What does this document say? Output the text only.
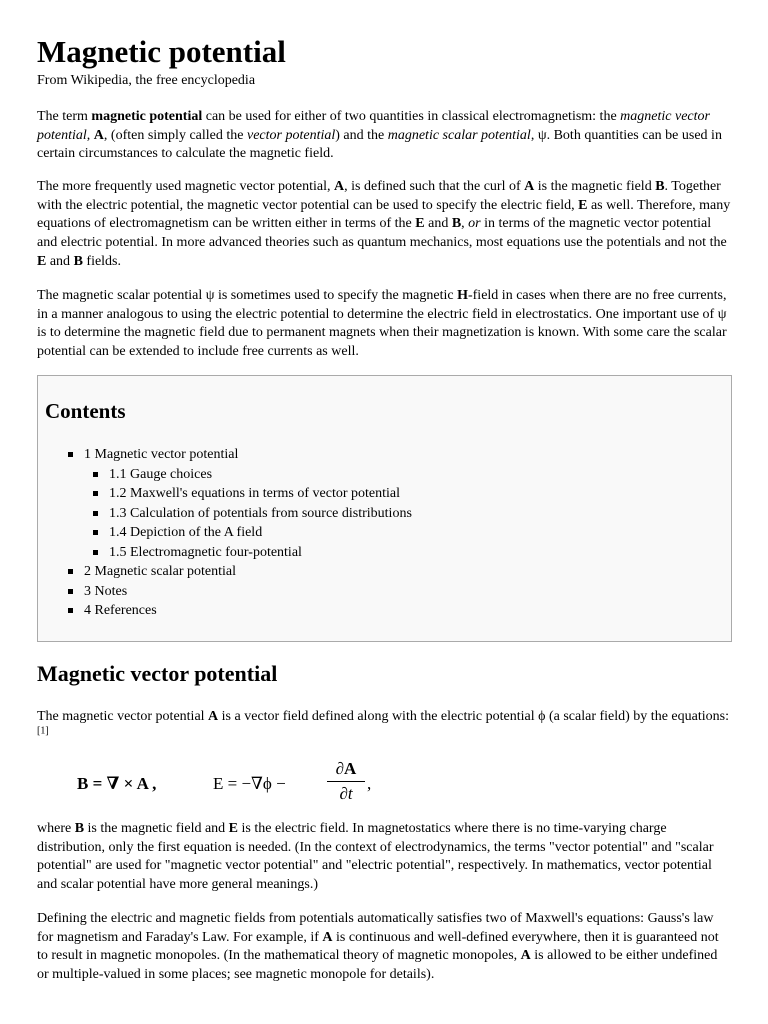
Magnetic potential
From Wikipedia, the free encyclopedia

The term magnetic potential can be used for either of two quantities in classical electromagnetism: the magnetic vector potential, A, (often simply called the vector potential) and the magnetic scalar potential, ψ. Both quantities can be used in certain circumstances to calculate the magnetic field.

The more frequently used magnetic vector potential, A, is defined such that the curl of A is the magnetic field B. Together with the electric potential, the magnetic vector potential can be used to specify the electric field, E as well. Therefore, many equations of electromagnetism can be written either in terms of the E and B, or in terms of the magnetic vector potential and electric potential. In more advanced theories such as quantum mechanics, most equations use the potentials and not the E and B fields.

The magnetic scalar potential ψ is sometimes used to specify the magnetic H-field in cases when there are no free currents, in a manner analogous to using the electric potential to determine the electric field in electrostatics. One important use of ψ is to determine the magnetic field due to permanent magnets when their magnetization is known. With some care the scalar potential can be extended to include free currents as well.

Contents
1 Magnetic vector potential
1.1 Gauge choices
1.2 Maxwell's equations in terms of vector potential
1.3 Calculation of potentials from source distributions
1.4 Depiction of the A field
1.5 Electromagnetic four-potential
2 Magnetic scalar potential
3 Notes
4 References
Magnetic vector potential

The magnetic vector potential A is a vector field defined along with the electric potential ϕ (a scalar field) by the equations:[1]

B = ∇ × A ,	E = −∇ϕ −
∂A
∂t
,

where B is the magnetic field and E is the electric field. In magnetostatics where there is no time-varying charge distribution, only the first equation is needed. (In the context of electrodynamics, the terms "vector potential" and "scalar potential" are used for "magnetic vector potential" and "electric potential", respectively. In mathematics, vector potential and scalar potential have more general meanings.)

Defining the electric and magnetic fields from potentials automatically satisfies two of Maxwell's equations: Gauss's law for magnetism and Faraday's Law. For example, if A is continuous and well-defined everywhere, then it is guaranteed not to result in magnetic monopoles. (In the mathematical theory of magnetic monopoles, A is allowed to be either undefined or multiple-valued in some places; see magnetic monopole for details).
